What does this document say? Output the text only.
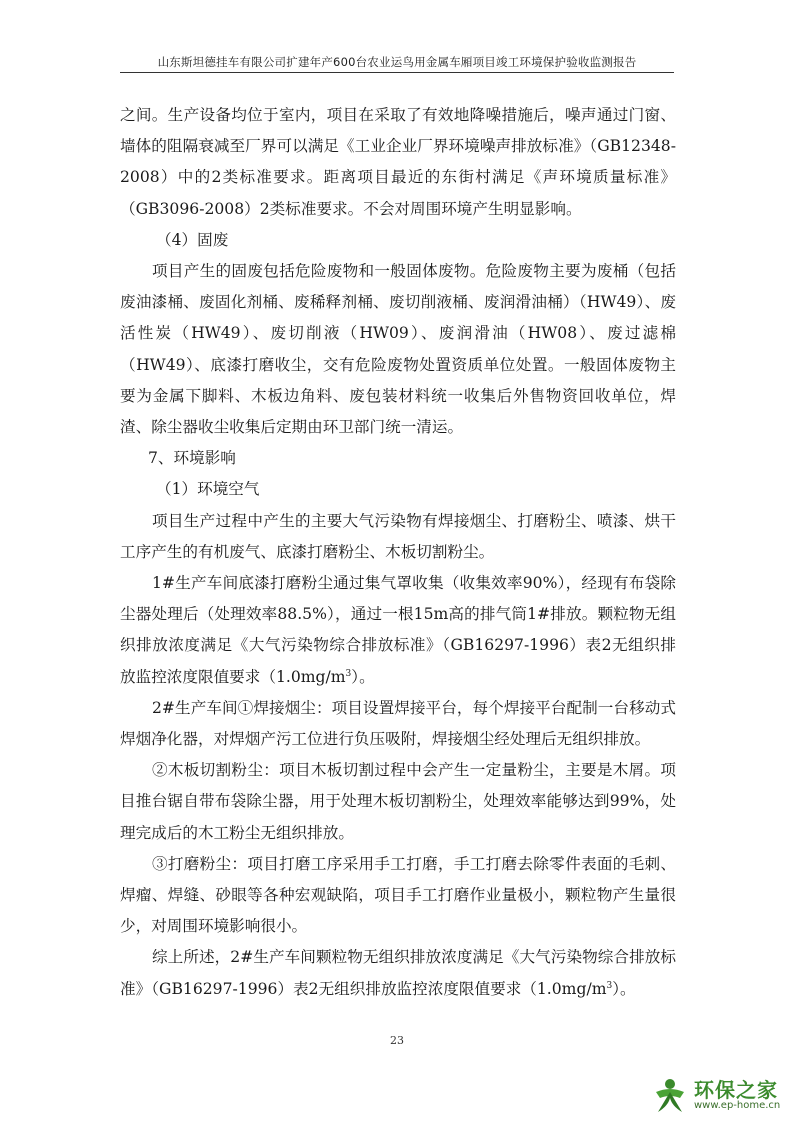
山东斯坦德挂车有限公司扩建年产600台农业运鸟用金属车厢项目竣工环境保护验收监测报告

之间。生产设备均位于室内，项目在采取了有效地降噪措施后，噪声通过门窗、墙体的阻隔衰减至厂界可以满足《工业企业厂界环境噪声排放标准》（GB12348-2008）中的2类标准要求。距离项目最近的东街村满足《声环境质量标准》（GB3096-2008）2类标准要求。不会对周围环境产生明显影响。

（4）固废

项目产生的固废包括危险废物和一般固体废物。危险废物主要为废桶（包括废油漆桶、废固化剂桶、废稀释剂桶、废切削液桶、废润滑油桶）（HW49）、废活性炭（HW49）、废切削液（HW09）、废润滑油（HW08）、废过滤棉（HW49）、底漆打磨收尘，交有危险废物处置资质单位处置。一般固体废物主要为金属下脚料、木板边角料、废包装材料统一收集后外售物资回收单位，焊渣、除尘器收尘收集后定期由环卫部门统一清运。

7、环境影响

（1）环境空气

项目生产过程中产生的主要大气污染物有焊接烟尘、打磨粉尘、喷漆、烘干工序产生的有机废气、底漆打磨粉尘、木板切割粉尘。

1#生产车间底漆打磨粉尘通过集气罩收集（收集效率90%），经现有布袋除尘器处理后（处理效率88.5%），通过一根15m高的排气筒1#排放。颗粒物无组织排放浓度满足《大气污染物综合排放标准》（GB16297-1996）表2无组织排放监控浓度限值要求$(1.0mg/m^3)$。

2#生产车间①焊接烟尘：项目设置焊接平台，每个焊接平台配制一台移动式焊烟净化器，对焊烟产污工位进行负压吸附，焊接烟尘经处理后无组织排放。

②木板切割粉尘：项目木板切割过程中会产生一定量粉尘，主要是木屑。项目推台锯自带布袋除尘器，用于处理木板切割粉尘，处理效率能够达到99%，处理完成后的木工粉尘无组织排放。

③打磨粉尘：项目打磨工序采用手工打磨，手工打磨去除零件表面的毛刺、焊瘤、焊缝、砂眼等各种宏观缺陷，项目手工打磨作业量极小，颗粒物产生量很少，对周围环境影响很小。

综上所述，2#生产车间颗粒物无组织排放浓度满足《大气污染物综合排放标准》（GB16297-1996）表2无组织排放监控浓度限值要求$(1.0mg/m^3)$。

23
环保之家
www.ep-home.cn
